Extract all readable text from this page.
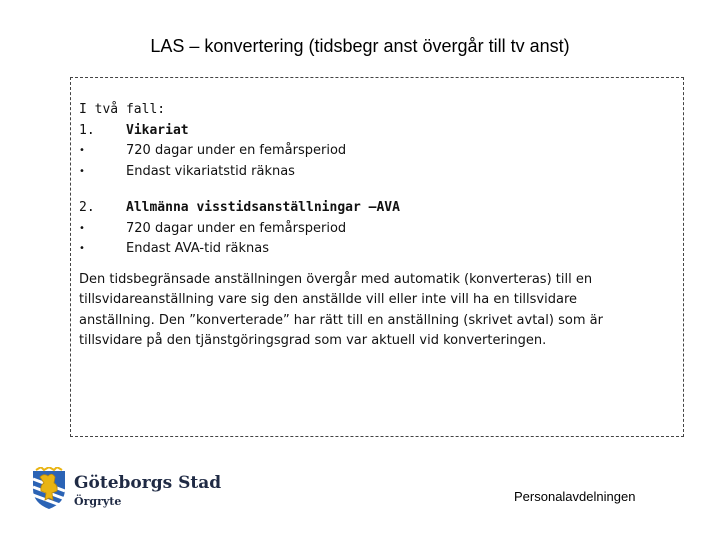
LAS – konvertering (tidsbegr anst övergår till tv anst)
I två fall:
1. Vikariat
•	720 dagar under en femårsperiod
•	Endast vikariatstid räknas
2. Allmänna visstidsanställningar –AVA
•	720 dagar under en femårsperiod
•	Endast AVA-tid räknas
Den tidsbegränsade anställningen övergår med automatik (konverteras) till en tillsvidareanställning vare sig den anställde vill eller inte vill ha en tillsvidare anställning. Den ”konverterade” har rätt till en anställning (skrivet avtal) som är tillsvidare på den tjänstgöringsgrad som var aktuell vid konverteringen.
Göteborgs Stad
Örgryte	Personalavdelningen
